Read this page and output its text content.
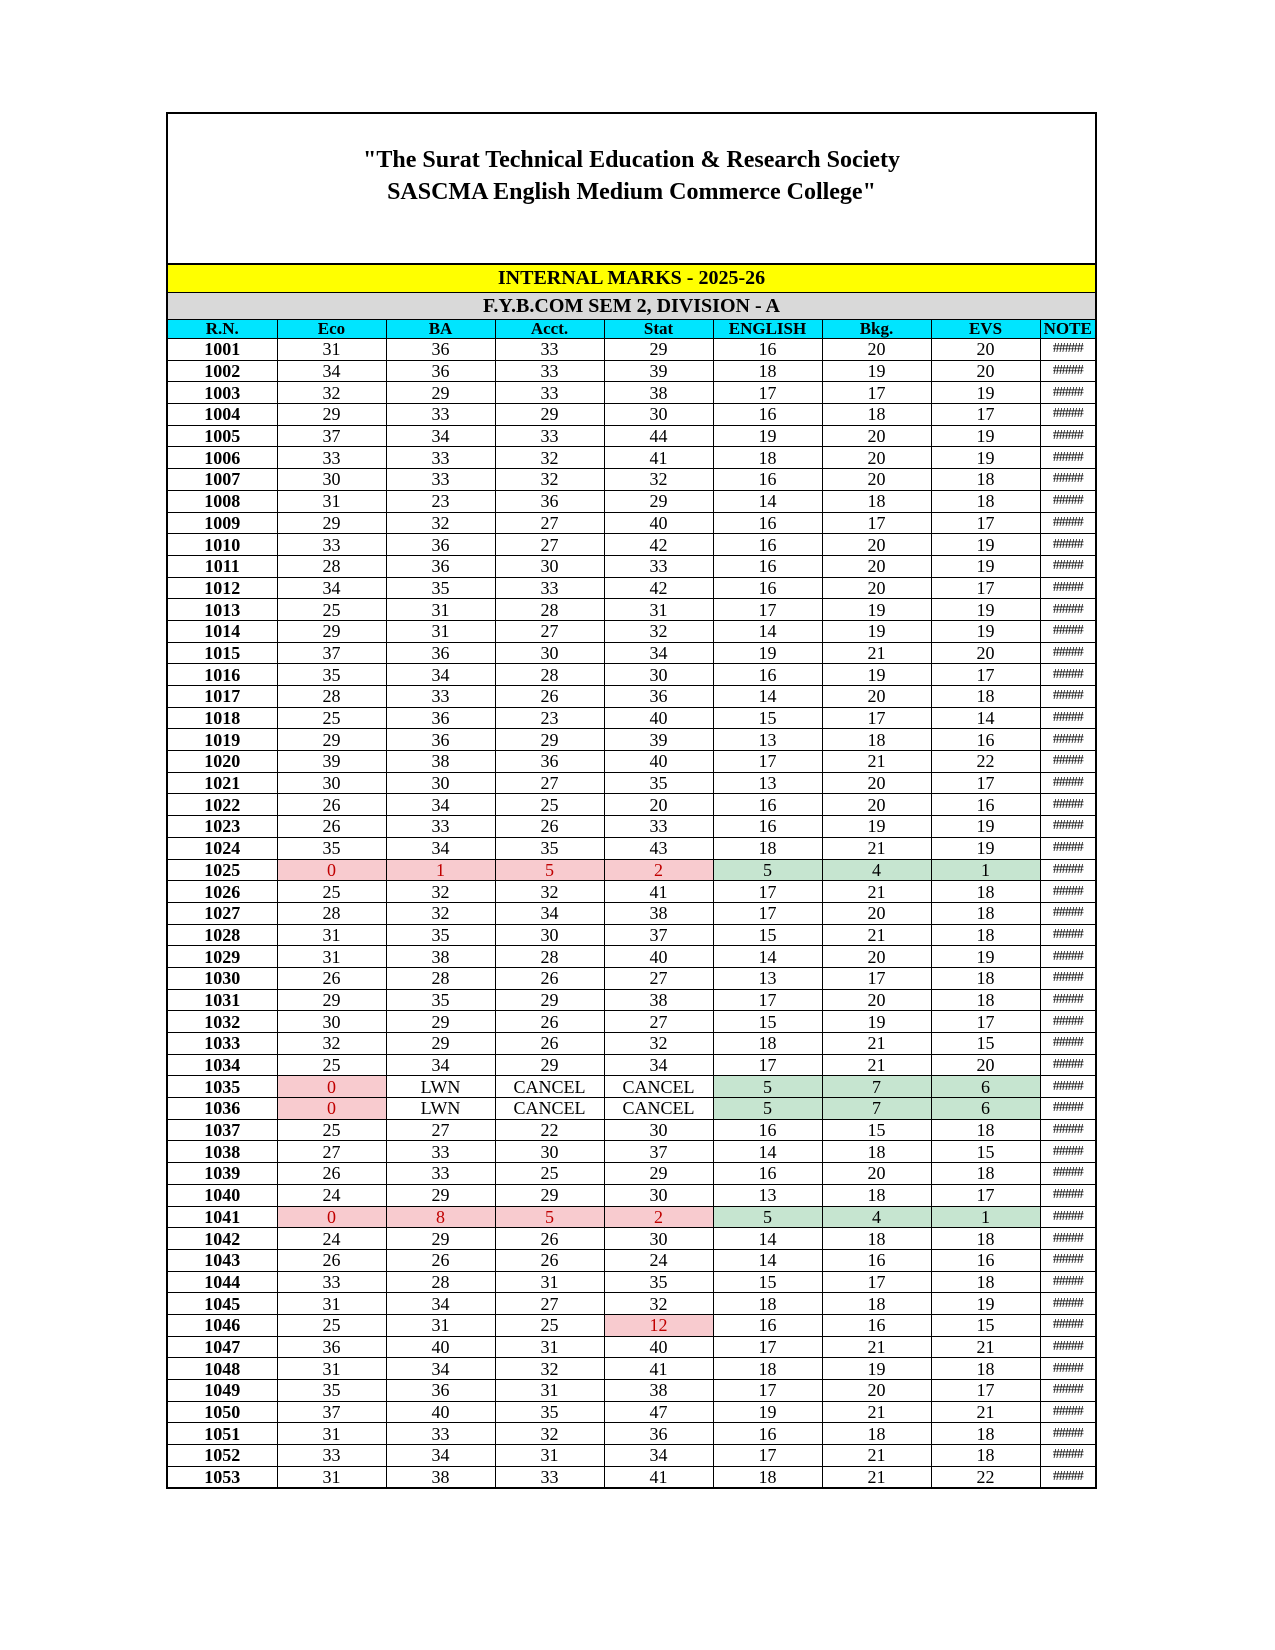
"The Surat Technical Education & Research Society
SASCMA English Medium Commerce College"
INTERNAL MARKS - 2025-26
F.Y.B.COM SEM 2, DIVISION - A
R.N.	Eco	BA	Acct.	Stat	ENGLISH	Bkg.	EVS	NOTE
1001	31	36	33	29	16	20	20	#####
1002	34	36	33	39	18	19	20	#####
1003	32	29	33	38	17	17	19	#####
1004	29	33	29	30	16	18	17	#####
1005	37	34	33	44	19	20	19	#####
1006	33	33	32	41	18	20	19	#####
1007	30	33	32	32	16	20	18	#####
1008	31	23	36	29	14	18	18	#####
1009	29	32	27	40	16	17	17	#####
1010	33	36	27	42	16	20	19	#####
1011	28	36	30	33	16	20	19	#####
1012	34	35	33	42	16	20	17	#####
1013	25	31	28	31	17	19	19	#####
1014	29	31	27	32	14	19	19	#####
1015	37	36	30	34	19	21	20	#####
1016	35	34	28	30	16	19	17	#####
1017	28	33	26	36	14	20	18	#####
1018	25	36	23	40	15	17	14	#####
1019	29	36	29	39	13	18	16	#####
1020	39	38	36	40	17	21	22	#####
1021	30	30	27	35	13	20	17	#####
1022	26	34	25	20	16	20	16	#####
1023	26	33	26	33	16	19	19	#####
1024	35	34	35	43	18	21	19	#####
1025	0	1	5	2	5	4	1	#####
1026	25	32	32	41	17	21	18	#####
1027	28	32	34	38	17	20	18	#####
1028	31	35	30	37	15	21	18	#####
1029	31	38	28	40	14	20	19	#####
1030	26	28	26	27	13	17	18	#####
1031	29	35	29	38	17	20	18	#####
1032	30	29	26	27	15	19	17	#####
1033	32	29	26	32	18	21	15	#####
1034	25	34	29	34	17	21	20	#####
1035	0	LWN	CANCEL	CANCEL	5	7	6	#####
1036	0	LWN	CANCEL	CANCEL	5	7	6	#####
1037	25	27	22	30	16	15	18	#####
1038	27	33	30	37	14	18	15	#####
1039	26	33	25	29	16	20	18	#####
1040	24	29	29	30	13	18	17	#####
1041	0	8	5	2	5	4	1	#####
1042	24	29	26	30	14	18	18	#####
1043	26	26	26	24	14	16	16	#####
1044	33	28	31	35	15	17	18	#####
1045	31	34	27	32	18	18	19	#####
1046	25	31	25	12	16	16	15	#####
1047	36	40	31	40	17	21	21	#####
1048	31	34	32	41	18	19	18	#####
1049	35	36	31	38	17	20	17	#####
1050	37	40	35	47	19	21	21	#####
1051	31	33	32	36	16	18	18	#####
1052	33	34	31	34	17	21	18	#####
1053	31	38	33	41	18	21	22	#####
